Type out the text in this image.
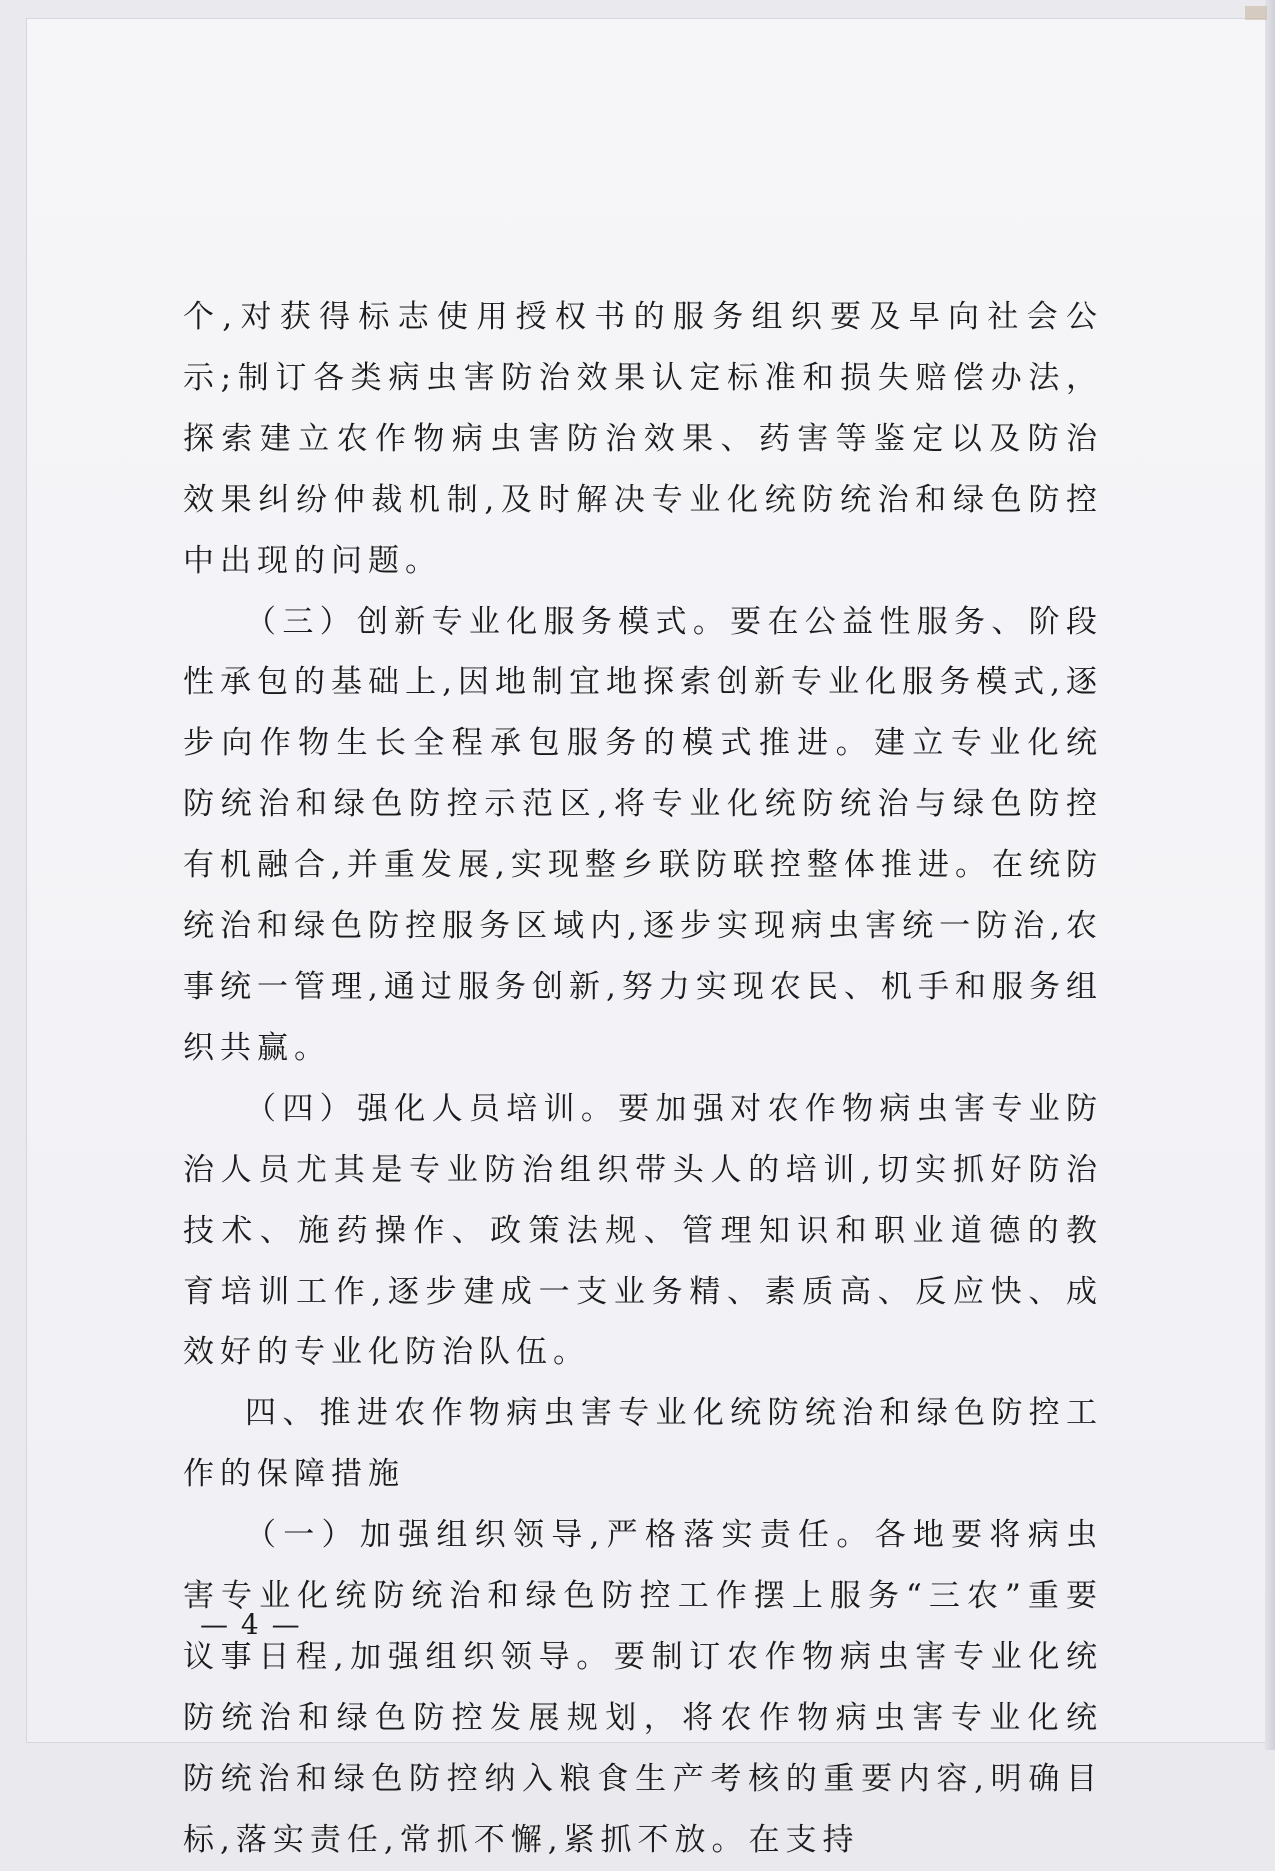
个,对获得标志使用授权书的服务组织要及早向社会公示;制订各类病虫害防治效果认定标准和损失赔偿办法，探索建立农作物病虫害防治效果、药害等鉴定以及防治效果纠纷仲裁机制,及时解决专业化统防统治和绿色防控中出现的问题。

（三）创新专业化服务模式。要在公益性服务、阶段性承包的基础上,因地制宜地探索创新专业化服务模式,逐步向作物生长全程承包服务的模式推进。建立专业化统防统治和绿色防控示范区,将专业化统防统治与绿色防控有机融合,并重发展,实现整乡联防联控整体推进。在统防统治和绿色防控服务区域内,逐步实现病虫害统一防治,农事统一管理,通过服务创新,努力实现农民、机手和服务组织共赢。

（四）强化人员培训。要加强对农作物病虫害专业防治人员尤其是专业防治组织带头人的培训,切实抓好防治技术、施药操作、政策法规、管理知识和职业道德的教育培训工作,逐步建成一支业务精、素质高、反应快、成效好的专业化防治队伍。

四、推进农作物病虫害专业化统防统治和绿色防控工作的保障措施

（一）加强组织领导,严格落实责任。各地要将病虫害专业化统防统治和绿色防控工作摆上服务“三农”重要议事日程,加强组织领导。要制订农作物病虫害专业化统防统治和绿色防控发展规划，将农作物病虫害专业化统防统治和绿色防控纳入粮食生产考核的重要内容,明确目标,落实责任,常抓不懈,紧抓不放。在支持

— 4 —
